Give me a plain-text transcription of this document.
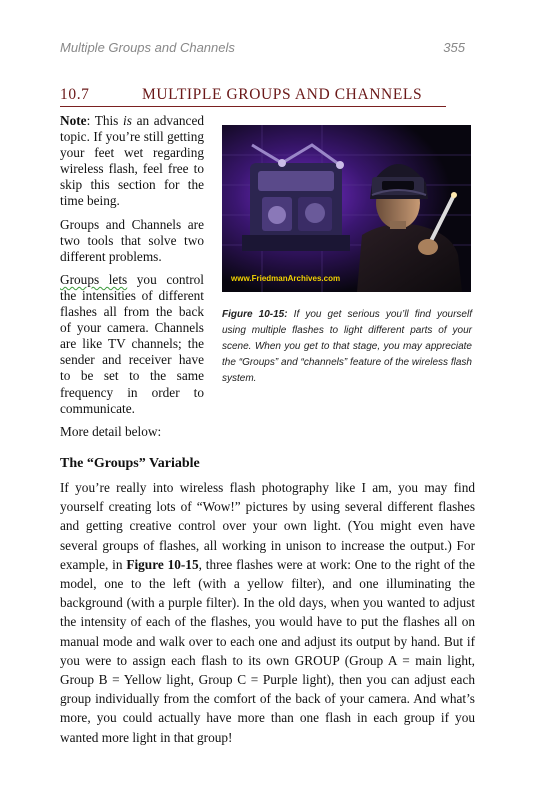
Multiple Groups and Channels	355
10.7	MULTIPLE GROUPS AND CHANNELS

Note: This is an advanced topic. If you’re still getting your feet wet regarding wireless flash, feel free to skip this section for the time being.

Groups and Channels are two tools that solve two different problems.

Groups lets you control the intensities of different flashes all from the back of your camera. Channels are like TV channels; the sender and receiver have to be set to the same frequency in order to communicate.

More detail below:

www.FriedmanArchives.com
Figure 10-15: If you get serious you’ll find yourself using multiple flashes to light different parts of your scene. When you get to that stage, you may appreciate the “Groups” and “channels” feature of the wireless flash system.
The “Groups” Variable

If you’re really into wireless flash photography like I am, you may find yourself creating lots of “Wow!” pictures by using several different flashes and getting creative control over your own light. (You might even have several groups of flashes, all working in unison to increase the output.) For example, in Figure 10-15, three flashes were at work: One to the right of the model, one to the left (with a yellow filter), and one illuminating the background (with a purple filter). In the old days, when you wanted to adjust the intensity of each of the flashes, you would have to put the flashes all on manual mode and walk over to each one and adjust its output by hand. But if you were to assign each flash to its own GROUP (Group A = main light, Group B = Yellow light, Group C = Purple light), then you can adjust each group individually from the comfort of the back of your camera. And what’s more, you could actually have more than one flash in each group if you wanted more light in that group!
